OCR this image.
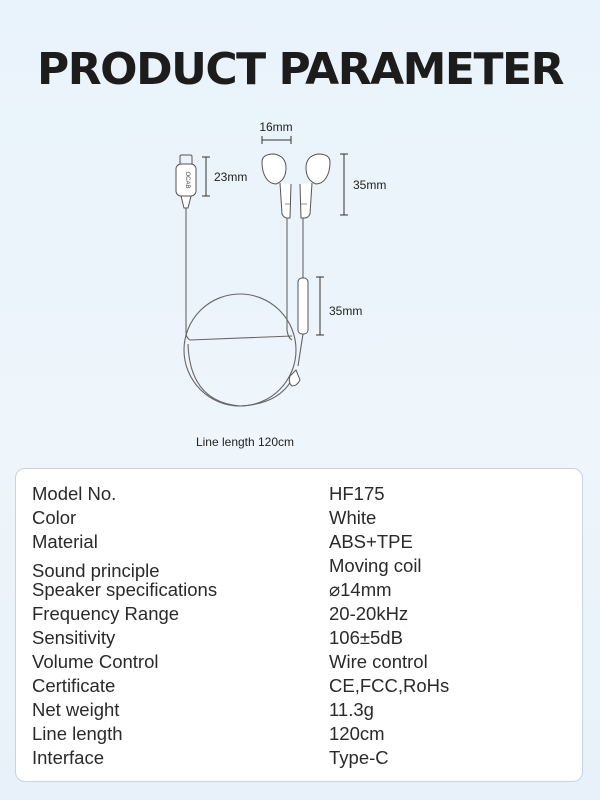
PRODUCT PARAMETER
OCAB
16mm
23mm
35mm
35mm
Line length 120cm
Model No.	HF175
Color	White
Material	ABS+TPE
Sound principle	Moving coil
Speaker specifications	⌀14mm
Frequency Range	20-20kHz
Sensitivity	106±5dB
Volume Control	Wire control
Certificate	CE,FCC,RoHs
Net weight	11.3g
Line length	120cm
Interface	Type-C
